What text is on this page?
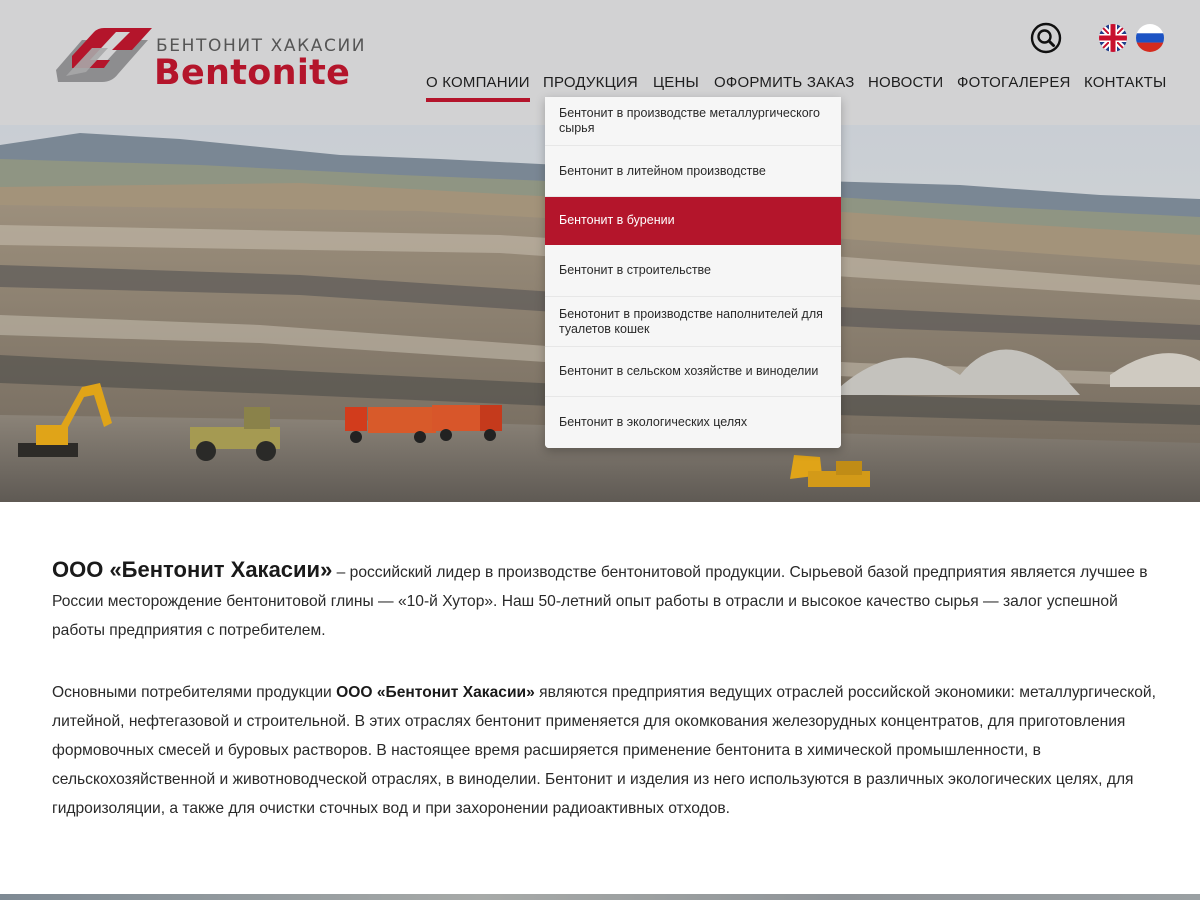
БЕНТОНИТ ХАКАСИИ
Bentonite	О КОМПАНИИ ПРОДУКЦИЯ ЦЕНЫ ОФОРМИТЬ ЗАКАЗ НОВОСТИ ФОТОГАЛЕРЕЯ КОНТАКТЫ
Бентонит в производстве металлургического сырья
Бентонит в литейном производстве
Бентонит в бурении
Бентонит в строительстве
Бенотонит в производстве наполнителей для туалетов кошек
Бентонит в сельском хозяйстве и виноделии
Бентонит в экологических целях

ООО «Бентонит Хакасии» – российский лидер в производстве бентонитовой продукции. Сырьевой базой предприятия является лучшее в России месторождение бентонитовой глины — «10-й Хутор». Наш 50-летний опыт работы в отрасли и высокое качество сырья — залог успешной работы предприятия с потребителем.

Основными потребителями продукции ООО «Бентонит Хакасии» являются предприятия ведущих отраслей российской экономики: металлургической, литейной, нефтегазовой и строительной. В этих отраслях бентонит применяется для окомкования железорудных концентратов, для приготовления формовочных смесей и буровых растворов. В настоящее время расширяется применение бентонита в химической промышленности, в сельскохозяйственной и животноводческой отраслях, в виноделии. Бентонит и изделия из него используются в различных экологических целях, для гидроизоляции, а также для очистки сточных вод и при захоронении радиоактивных отходов.
